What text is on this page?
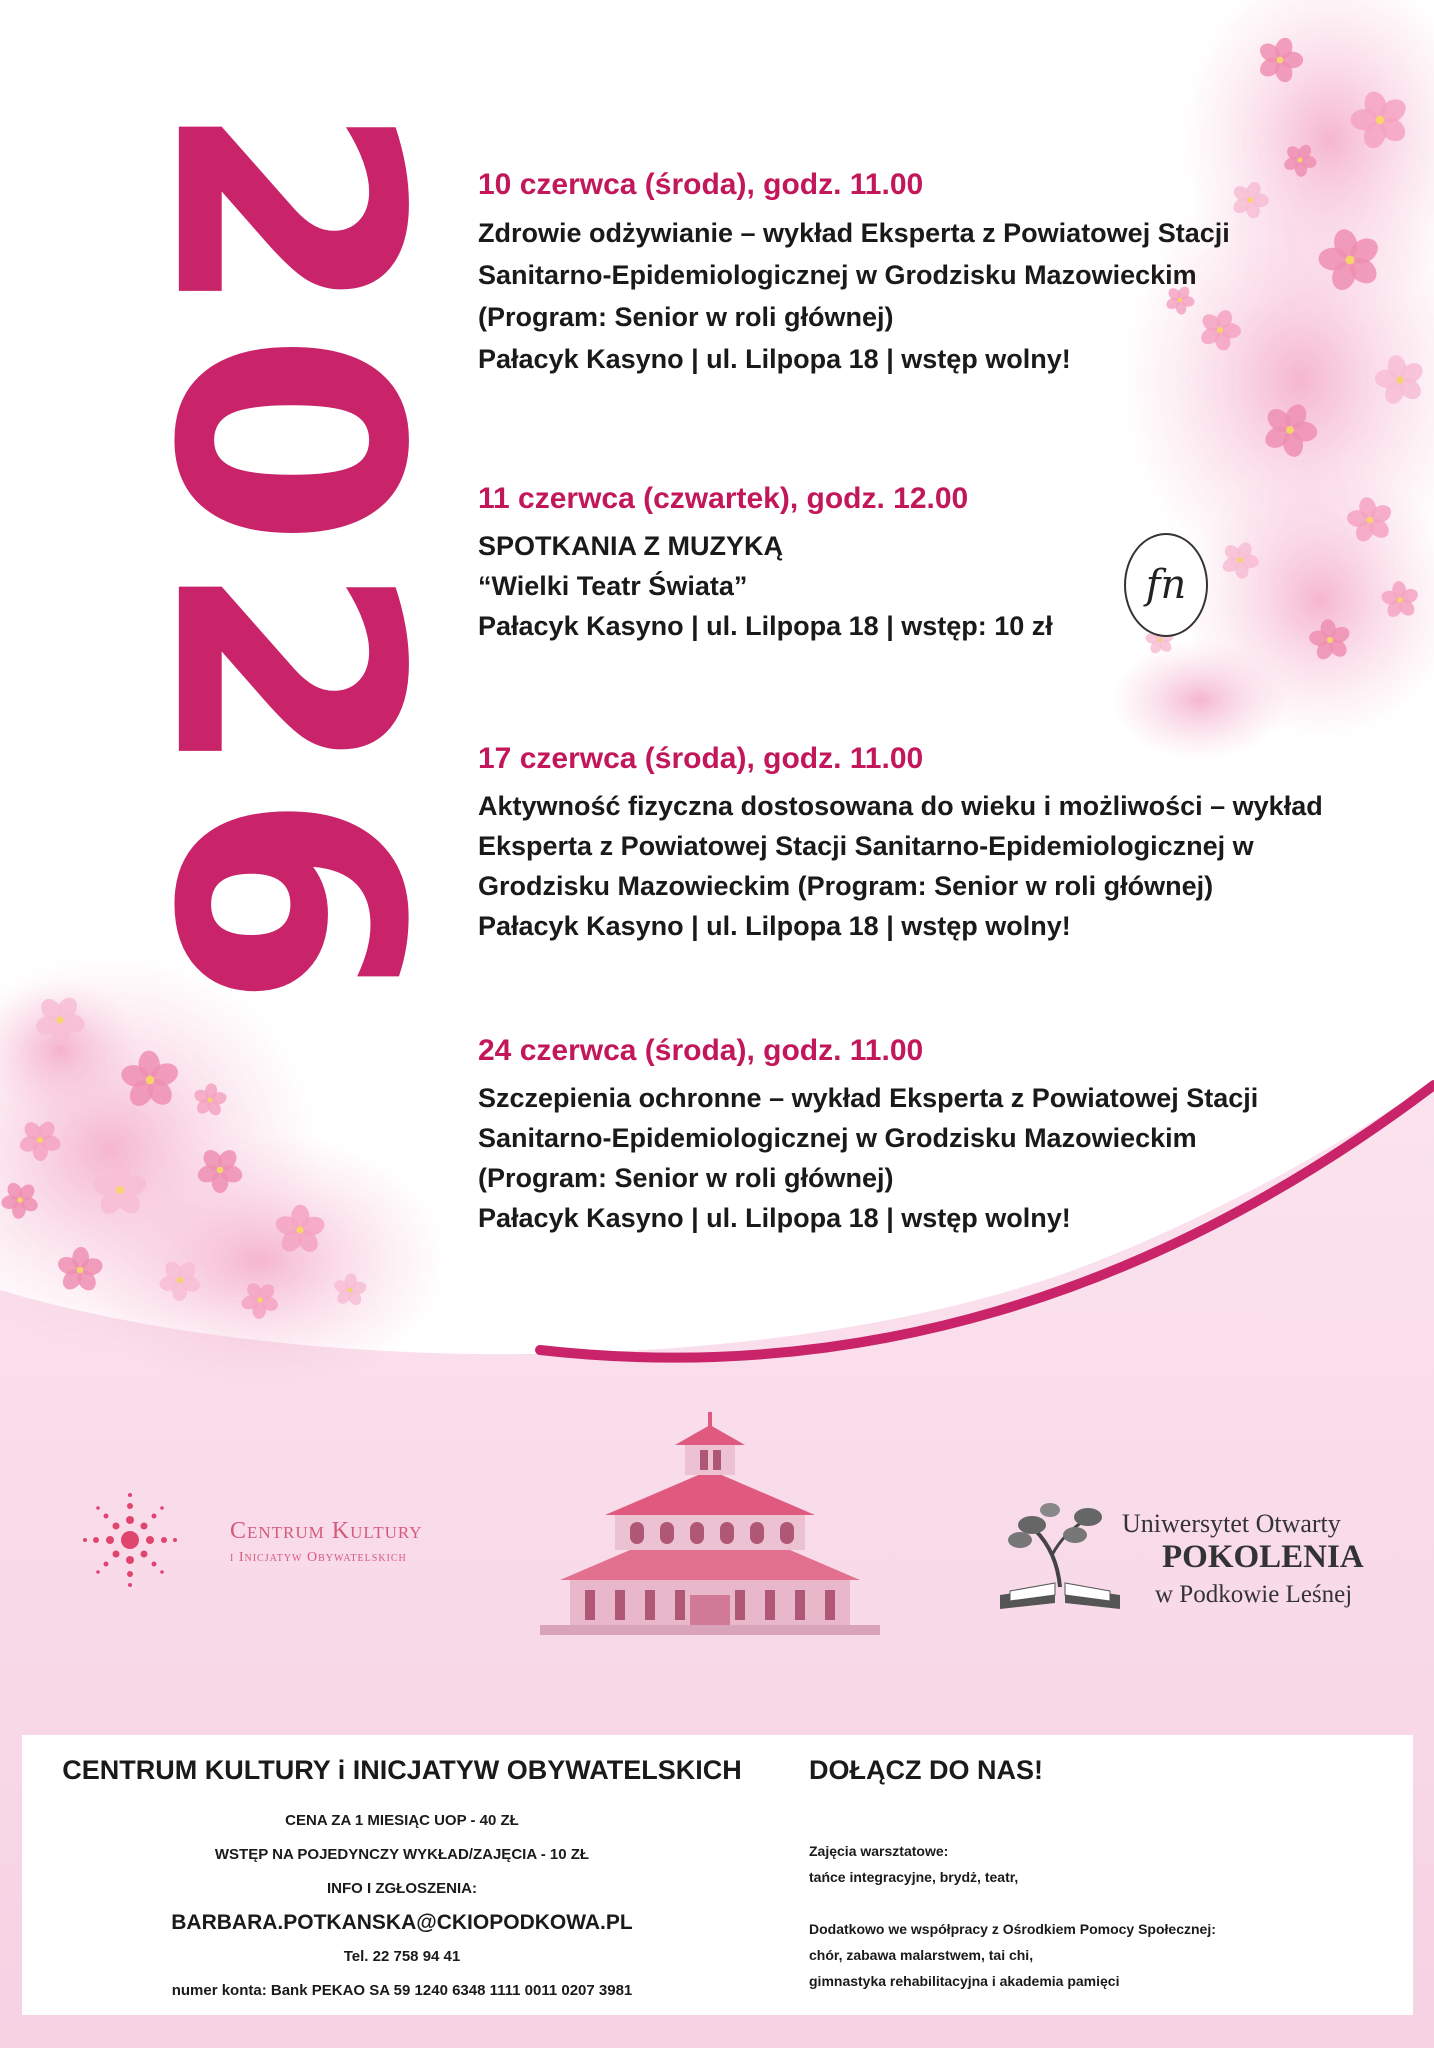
2
0
2
6
10 czerwca (środa), godz. 11.00
Zdrowie odżywianie – wykład Eksperta z Powiatowej Stacji
Sanitarno-Epidemiologicznej w Grodzisku Mazowieckim
(Program: Senior w roli głównej)
Pałacyk Kasyno | ul. Lilpopa 18 | wstęp wolny!
11 czerwca (czwartek), godz. 12.00
SPOTKANIA Z MUZYKĄ
“Wielki Teatr Świata”
Pałacyk Kasyno | ul. Lilpopa 18 | wstęp: 10 zł
fn
17 czerwca (środa), godz. 11.00
Aktywność fizyczna dostosowana do wieku i możliwości – wykład
Eksperta z Powiatowej Stacji Sanitarno-Epidemiologicznej w
Grodzisku Mazowieckim (Program: Senior w roli głównej)
Pałacyk Kasyno | ul. Lilpopa 18 | wstęp wolny!
24 czerwca (środa), godz. 11.00
Szczepienia ochronne – wykład Eksperta z Powiatowej Stacji
Sanitarno-Epidemiologicznej w Grodzisku Mazowieckim
(Program: Senior w roli głównej)
Pałacyk Kasyno | ul. Lilpopa 18 | wstęp wolny!
Centrum Kultury
i Inicjatyw Obywatelskich
Uniwersytet Otwarty
POKOLENIA
w Podkowie Leśnej
CENTRUM KULTURY i INICJATYW OBYWATELSKICH
CENA ZA 1 MIESIĄC UOP - 40 ZŁ
WSTĘP NA POJEDYNCZY WYKŁAD/ZAJĘCIA - 10 ZŁ
INFO I ZGŁOSZENIA:
BARBARA.POTKANSKA@CKIOPODKOWA.PL
Tel. 22 758 94 41
numer konta: Bank PEKAO SA 59 1240 6348 1111 0011 0207 3981
DOŁĄCZ DO NAS!
Zajęcia warsztatowe:
tańce integracyjne, brydż, teatr,
Dodatkowo we współpracy z Ośrodkiem Pomocy Społecznej:
chór, zabawa malarstwem, tai chi,
gimnastyka rehabilitacyjna i akademia pamięci
